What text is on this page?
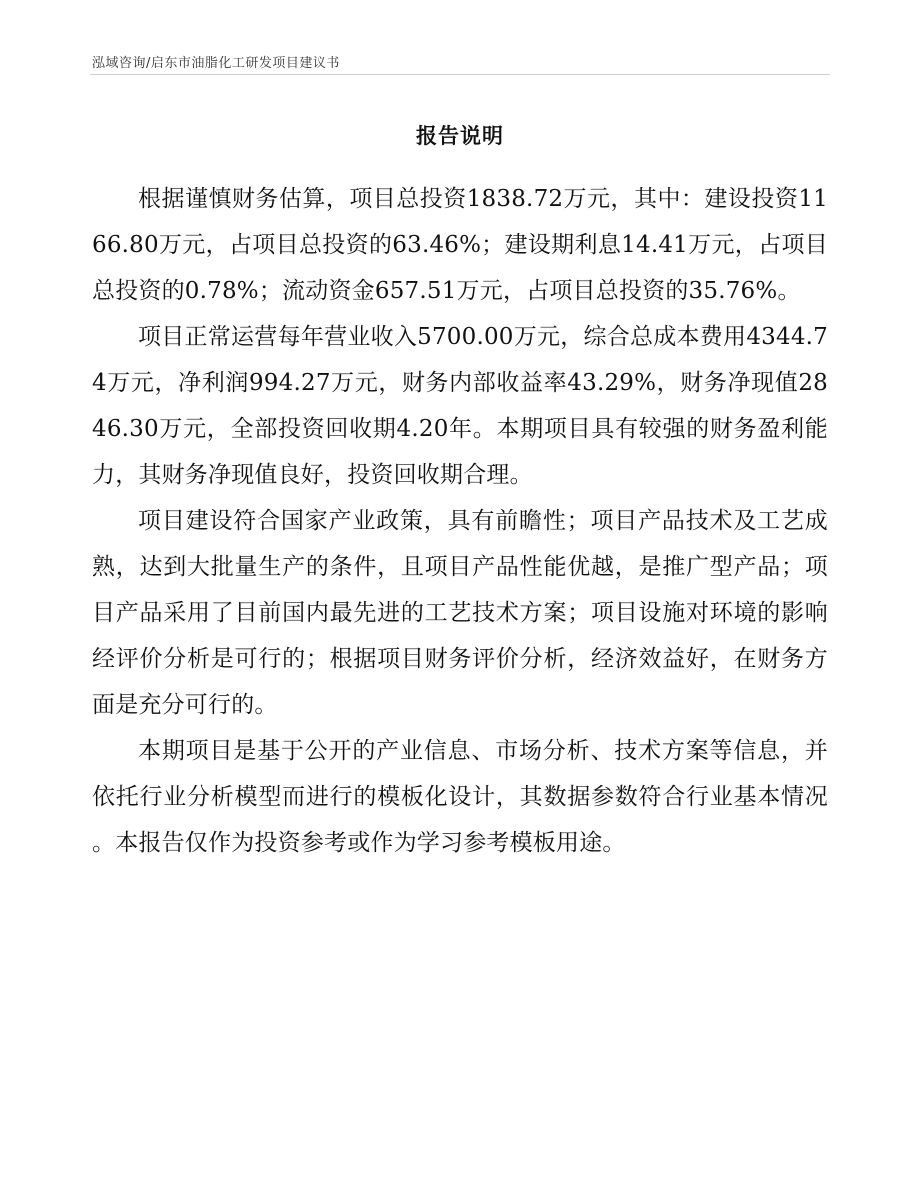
泓域咨询/启东市油脂化工研发项目建议书
报告说明

根据谨慎财务估算，项目总投资1838.72万元，其中：建设投资1166.80万元，占项目总投资的63.46%；建设期利息14.41万元，占项目总投资的0.78%；流动资金657.51万元，占项目总投资的35.76%。

项目正常运营每年营业收入5700.00万元，综合总成本费用4344.74万元，净利润994.27万元，财务内部收益率43.29%，财务净现值2846.30万元，全部投资回收期4.20年。本期项目具有较强的财务盈利能力，其财务净现值良好，投资回收期合理。

项目建设符合国家产业政策，具有前瞻性；项目产品技术及工艺成熟，达到大批量生产的条件，且项目产品性能优越，是推广型产品；项目产品采用了目前国内最先进的工艺技术方案；项目设施对环境的影响经评价分析是可行的；根据项目财务评价分析，经济效益好，在财务方面是充分可行的。

本期项目是基于公开的产业信息、市场分析、技术方案等信息，并依托行业分析模型而进行的模板化设计，其数据参数符合行业基本情况。本报告仅作为投资参考或作为学习参考模板用途。
